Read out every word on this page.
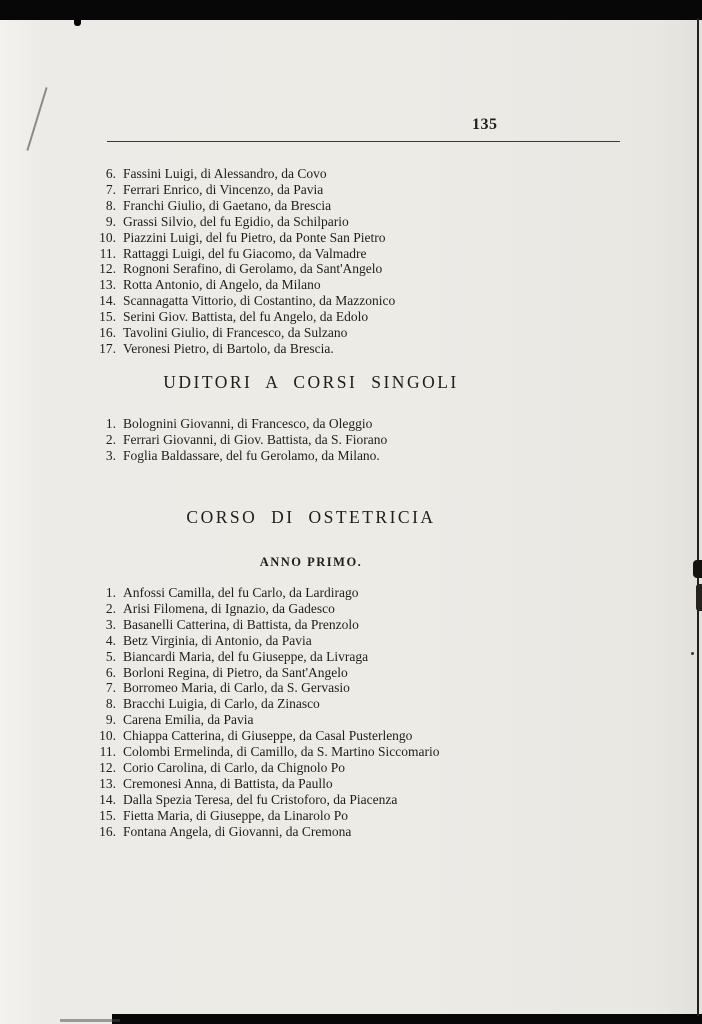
135
6. Fassini Luigi, di Alessandro, da Covo
7. Ferrari Enrico, di Vincenzo, da Pavia
8. Franchi Giulio, di Gaetano, da Brescia
9. Grassi Silvio, del fu Egidio, da Schilpario
10. Piazzini Luigi, del fu Pietro, da Ponte San Pietro
11. Rattaggi Luigi, del fu Giacomo, da Valmadre
12. Rognoni Serafino, di Gerolamo, da Sant'Angelo
13. Rotta Antonio, di Angelo, da Milano
14. Scannagatta Vittorio, di Costantino, da Mazzonico
15. Serini Giov. Battista, del fu Angelo, da Edolo
16. Tavolini Giulio, di Francesco, da Sulzano
17. Veronesi Pietro, di Bartolo, da Brescia.
UDITORI A CORSI SINGOLI
1. Bolognini Giovanni, di Francesco, da Oleggio
2. Ferrari Giovanni, di Giov. Battista, da S. Fiorano
3. Foglia Baldassare, del fu Gerolamo, da Milano.
CORSO DI OSTETRICIA
ANNO PRIMO.
1. Anfossi Camilla, del fu Carlo, da Lardirago
2. Arisi Filomena, di Ignazio, da Gadesco
3. Basanelli Catterina, di Battista, da Prenzolo
4. Betz Virginia, di Antonio, da Pavia
5. Biancardi Maria, del fu Giuseppe, da Livraga
6. Borloni Regina, di Pietro, da Sant'Angelo
7. Borromeo Maria, di Carlo, da S. Gervasio
8. Bracchi Luigia, di Carlo, da Zinasco
9. Carena Emilia, da Pavia
10. Chiappa Catterina, di Giuseppe, da Casal Pusterlengo
11. Colombi Ermelinda, di Camillo, da S. Martino Siccomario
12. Corio Carolina, di Carlo, da Chignolo Po
13. Cremonesi Anna, di Battista, da Paullo
14. Dalla Spezia Teresa, del fu Cristoforo, da Piacenza
15. Fietta Maria, di Giuseppe, da Linarolo Po
16. Fontana Angela, di Giovanni, da Cremona
